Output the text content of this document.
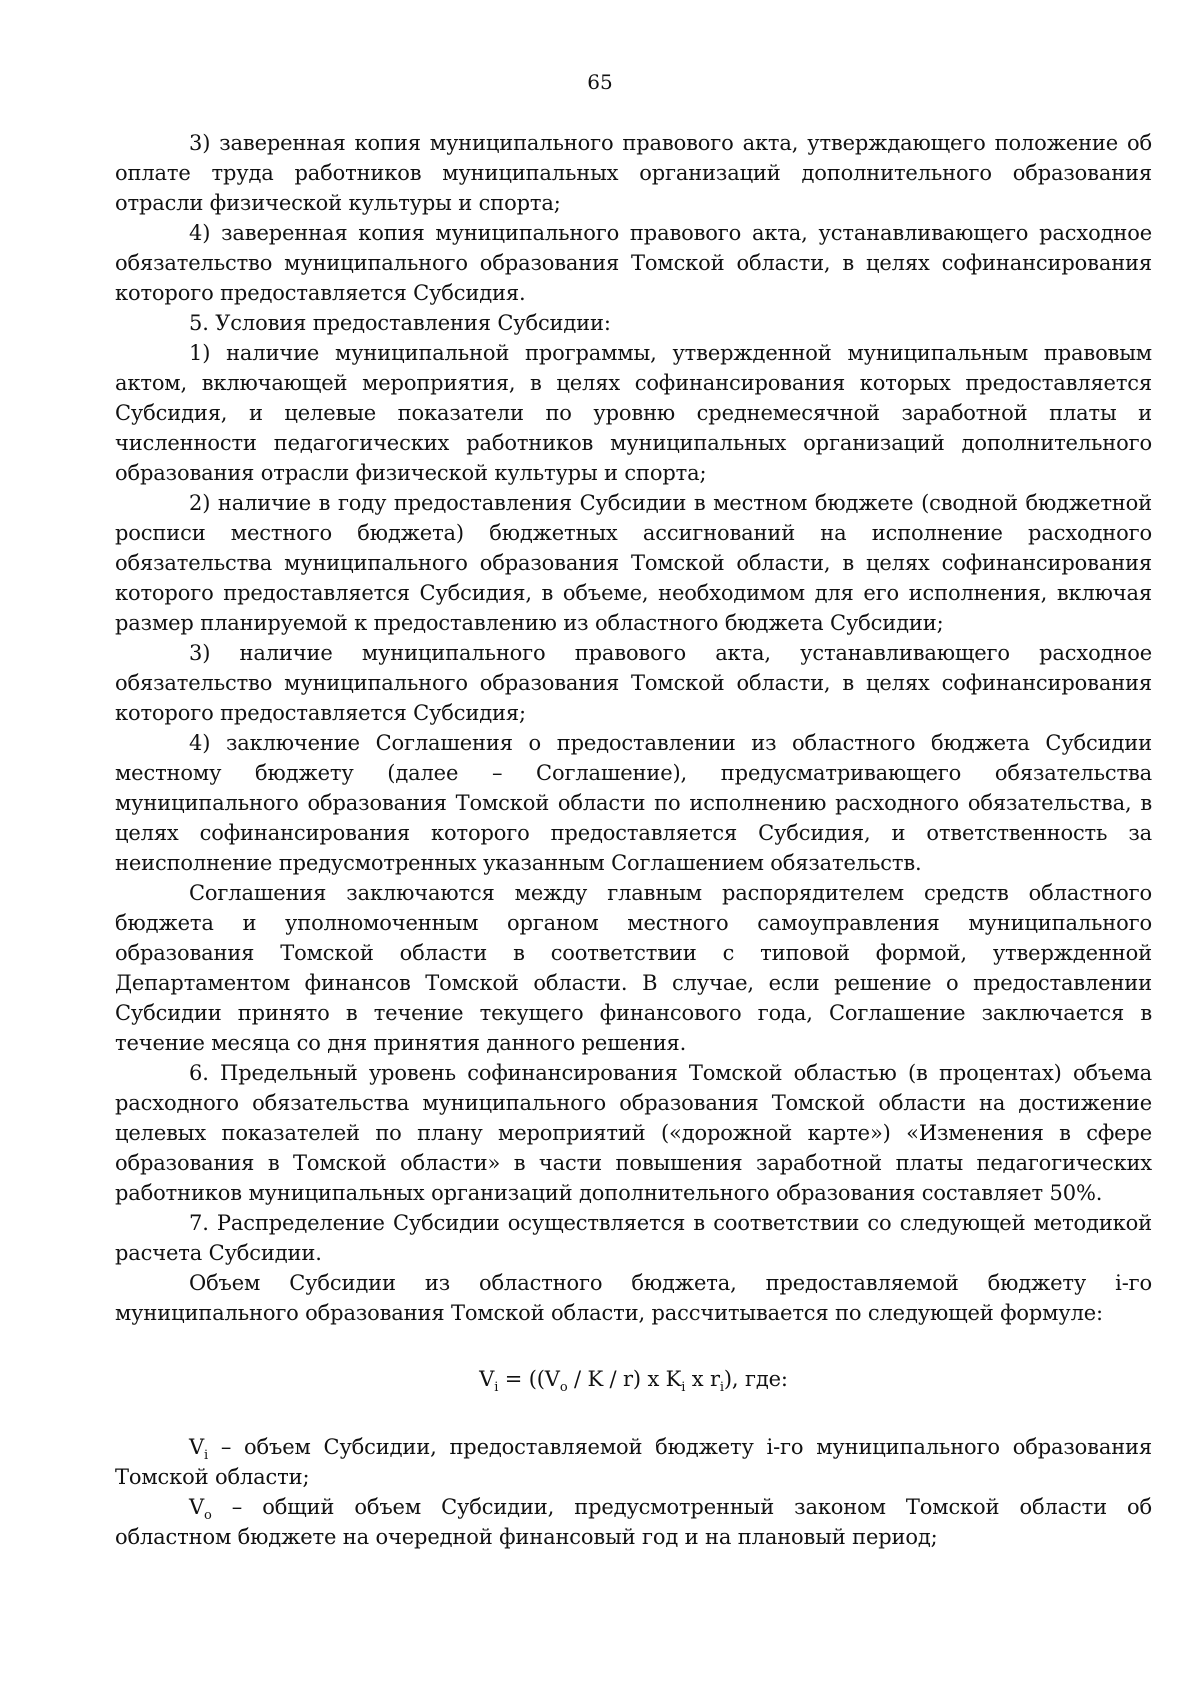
65

3) заверенная копия муниципального правового акта, утверждающего положение об оплате труда работников муниципальных организаций дополнительного образования отрасли физической культуры и спорта;

4) заверенная копия муниципального правового акта, устанавливающего расходное обязательство муниципального образования Томской области, в целях софинансирования которого предоставляется Субсидия.

5. Условия предоставления Субсидии:

1) наличие муниципальной программы, утвержденной муниципальным правовым актом, включающей мероприятия, в целях софинансирования которых предоставляется Субсидия, и целевые показатели по уровню среднемесячной заработной платы и численности педагогических работников муниципальных организаций дополнительного образования отрасли физической культуры и спорта;

2) наличие в году предоставления Субсидии в местном бюджете (сводной бюджетной росписи местного бюджета) бюджетных ассигнований на исполнение расходного обязательства муниципального образования Томской области, в целях софинансирования которого предоставляется Субсидия, в объеме, необходимом для его исполнения, включая размер планируемой к предоставлению из областного бюджета Субсидии;

3) наличие муниципального правового акта, устанавливающего расходное обязательство муниципального образования Томской области, в целях софинансирования которого предоставляется Субсидия;

4) заключение Соглашения о предоставлении из областного бюджета Субсидии местному бюджету (далее – Соглашение), предусматривающего обязательства муниципального образования Томской области по исполнению расходного обязательства, в целях софинансирования которого предоставляется Субсидия, и ответственность за неисполнение предусмотренных указанным Соглашением обязательств.

Соглашения заключаются между главным распорядителем средств областного бюджета и уполномоченным органом местного самоуправления муниципального образования Томской области в соответствии с типовой формой, утвержденной Департаментом финансов Томской области. В случае, если решение о предоставлении Субсидии принято в течение текущего финансового года, Соглашение заключается в течение месяца со дня принятия данного решения.

6. Предельный уровень софинансирования Томской областью (в процентах) объема расходного обязательства муниципального образования Томской области на достижение целевых показателей по плану мероприятий («дорожной карте») «Изменения в сфере образования в Томской области» в части повышения заработной платы педагогических работников муниципальных организаций дополнительного образования составляет 50%.

7. Распределение Субсидии осуществляется в соответствии со следующей методикой расчета Субсидии.

Объем Субсидии из областного бюджета, предоставляемой бюджету i-го муниципального образования Томской области, рассчитывается по следующей формуле:

$V_i = ((V_o / K / r)$ x $K_i$ x $r_i$), где:

$V_i$ – объем Субсидии, предоставляемой бюджету i-го муниципального образования Томской области;

$V_o$ – общий объем Субсидии, предусмотренный законом Томской области об областном бюджете на очередной финансовый год и на плановый период;
